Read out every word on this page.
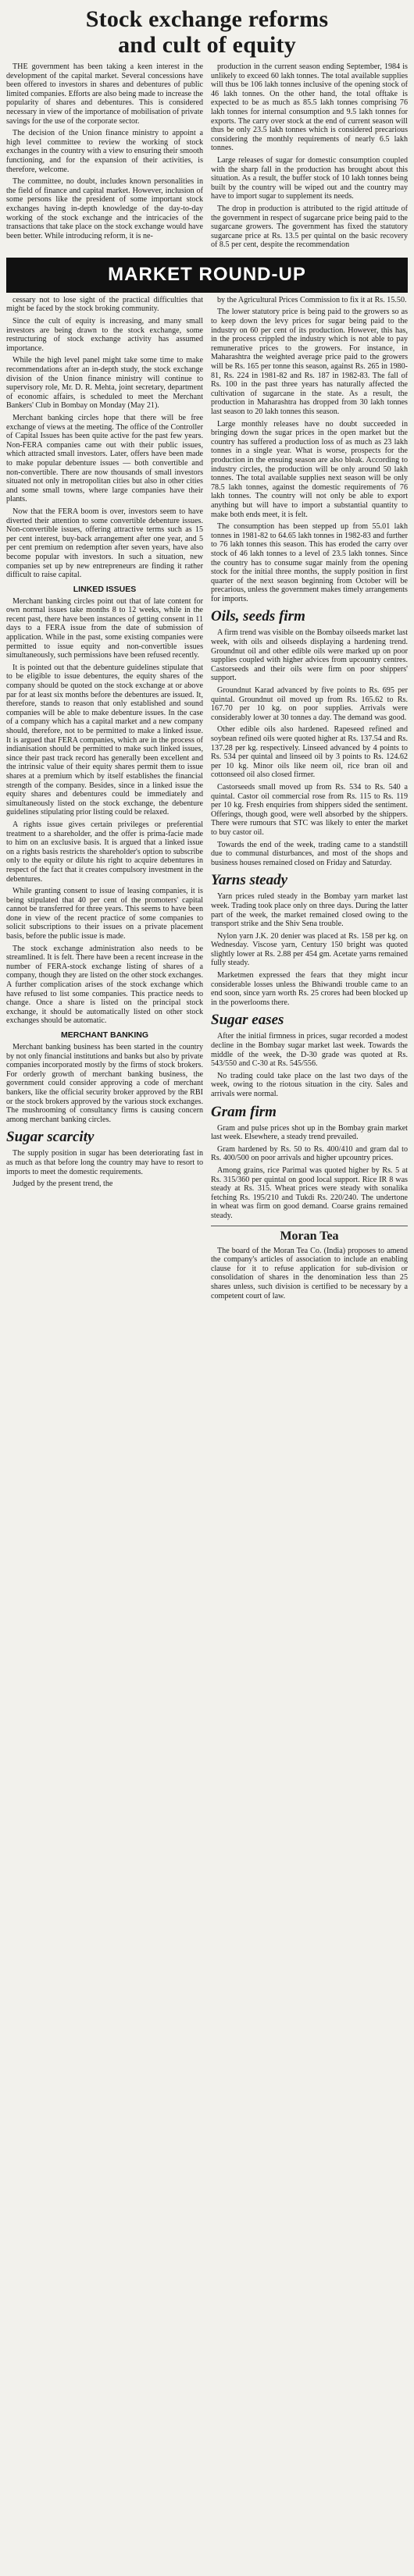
Stock exchange reforms
and cult of equity

THE government has been taking a keen interest in the development of the capital market. Several concessions have been offered to investors in shares and debentures of public limited companies. Efforts are also being made to increase the popularity of shares and debentures. This is considered necessary in view of the importance of mobilisation of private savings for the use of the corporate sector.

The decision of the Union finance ministry to appoint a high level committee to review the working of stock exchanges in the country with a view to ensuring their smooth functioning, and for the expansion of their activities, is therefore, welcome.

The committee, no doubt, includes known personalities in the field of finance and capital market. However, inclusion of some persons like the president of some important stock exchanges having in-depth knowledge of the day-to-day working of the stock exchange and the intricacies of the transactions that take place on the stock exchange would have been better. While introducing reform, it is ne-

production in the current season ending September, 1984 is unlikely to exceed 60 lakh tonnes. The total available supplies will thus be 106 lakh tonnes inclusive of the opening stock of 46 lakh tonnes. On the other hand, the total offtake is expected to be as much as 85.5 lakh tonnes comprising 76 lakh tonnes for internal consumption and 9.5 lakh tonnes for exports. The carry over stock at the end of current season will thus be only 23.5 lakh tonnes which is considered precarious considering the monthly requirements of nearly 6.5 lakh tonnes.

Large releases of sugar for domestic consumption coupled with the sharp fall in the production has brought about this situation. As a result, the buffer stock of 10 lakh tonnes being built by the country will be wiped out and the country may have to import sugar to supplement its needs.

The drop in production is attributed to the rigid attitude of the government in respect of sugarcane price being paid to the sugarcane growers. The government has fixed the statutory sugarcane price at Rs. 13.5 per quintal on the basic recovery of 8.5 per cent, despite the recommendation

MARKET ROUND-UP

cessary not to lose sight of the practical difficulties that might be faced by the stock broking community.

Since the cult of equity is increasing, and many small investors are being drawn to the stock exchange, some restructuring of stock exchange activity has assumed importance.

While the high level panel might take some time to make recommendations after an in-depth study, the stock exchange division of the Union finance ministry will continue to supervisory role, Mr. D. R. Mehta, joint secretary, department of economic affairs, is scheduled to meet the Merchant Bankers' Club in Bombay on Monday (May 21).

Merchant banking circles hope that there will be free exchange of views at the meeting. The office of the Controller of Capital Issues has been quite active for the past few years. Non-FERA companies came out with their public issues, which attracted small investors. Later, offers have been made to make popular debenture issues — both convertible and non-convertible. There are now thousands of small investors situated not only in metropolitan cities but also in other cities and some small towns, where large companies have their plants.

Now that the FERA boom is over, investors seem to have diverted their attention to some convertible debenture issues. Non-convertible issues, offering attractive terms such as 15 per cent interest, buy-back arrangement after one year, and 5 per cent premium on redemption after seven years, have also become popular with investors. In such a situation, new companies set up by new entrepreneurs are finding it rather difficult to raise capital.

LINKED ISSUES

Merchant banking circles point out that of late content for own normal issues take months 8 to 12 weeks, while in the recent past, there have been instances of getting consent in 11 days to a FERA issue from the date of submission of application. While in the past, some existing companies were permitted to issue equity and non-convertible issues simultaneously, such permissions have been refused recently.

It is pointed out that the debenture guidelines stipulate that to be eligible to issue debentures, the equity shares of the company should be quoted on the stock exchange at or above par for at least six months before the debentures are issued. It, therefore, stands to reason that only established and sound companies will be able to make debenture issues. In the case of a company which has a capital market and a new company should, therefore, not to be permitted to make a linked issue. It is argued that FERA companies, which are in the process of indianisation should be permitted to make such linked issues, since their past track record has generally been excellent and the intrinsic value of their equity shares permit them to issue shares at a premium which by itself establishes the financial strength of the company. Besides, since in a linked issue the equity shares and debentures could be immediately and simultaneously listed on the stock exchange, the debenture guidelines stipulating prior listing could be relaxed.

A rights issue gives certain privileges or preferential treatment to a shareholder, and the offer is prima-facie made to him on an exclusive basis. It is argued that a linked issue on a rights basis restricts the shareholder's option to subscribe only to the equity or dilute his right to acquire debentures in respect of the fact that it creates compulsory investment in the debentures.

While granting consent to issue of leasing companies, it is being stipulated that 40 per cent of the promoters' capital cannot be transferred for three years. This seems to have been done in view of the recent practice of some companies to solicit subscriptions to their issues on a private placement basis, before the public issue is made.

The stock exchange administration also needs to be streamlined. It is felt. There have been a recent increase in the number of FERA-stock exchange listing of shares of a company, though they are listed on the other stock exchanges. A further complication arises of the stock exchange which have refused to list some companies. This practice needs to change. Once a share is listed on the principal stock exchange, it should be automatically listed on other stock exchanges should be automatic.

MERCHANT BANKING

Merchant banking business has been started in the country by not only financial institutions and banks but also by private companies incorporated mostly by the firms of stock brokers. For orderly growth of merchant banking business, the government could consider approving a code of merchant bankers, like the official security broker approved by the RBI or the stock brokers approved by the various stock exchanges. The mushrooming of consultancy firms is causing concern among merchant banking circles.

Sugar scarcity

The supply position in sugar has been deteriorating fast in as much as that before long the country may have to resort to imports to meet the domestic requirements.

Judged by the present trend, the

by the Agricultural Prices Commission to fix it at Rs. 15.50.

The lower statutory price is being paid to the growers so as to keep down the levy prices for sugar being paid to the industry on 60 per cent of its production. However, this has, in the process crippled the industry which is not able to pay remunerative prices to the growers. For instance, in Maharashtra the weighted average price paid to the growers will be Rs. 165 per tonne this season, against Rs. 265 in 1980-81, Rs. 224 in 1981-82 and Rs. 187 in 1982-83. The fall of Rs. 100 in the past three years has naturally affected the cultivation of sugarcane in the state. As a result, the production in Maharashtra has dropped from 30 lakh tonnes last season to 20 lakh tonnes this season.

Large monthly releases have no doubt succeeded in bringing down the sugar prices in the open market but the country has suffered a production loss of as much as 23 lakh tonnes in a single year. What is worse, prospects for the production in the ensuing season are also bleak. According to industry circles, the production will be only around 50 lakh tonnes. The total available supplies next season will be only 78.5 lakh tonnes, against the domestic requirements of 76 lakh tonnes. The country will not only be able to export anything but will have to import a substantial quantity to make both ends meet, it is felt.

The consumption has been stepped up from 55.01 lakh tonnes in 1981-82 to 64.65 lakh tonnes in 1982-83 and further to 76 lakh tonnes this season. This has eroded the carry over stock of 46 lakh tonnes to a level of 23.5 lakh tonnes. Since the country has to consume sugar mainly from the opening stock for the initial three months, the supply position in first quarter of the next season beginning from October will be precarious, unless the government makes timely arrangements for imports.

Oils, seeds firm

A firm trend was visible on the Bombay oilseeds market last week, with oils and oilseeds displaying a hardening trend. Groundnut oil and other edible oils were marked up on poor supplies coupled with higher advices from upcountry centres. Castorseeds and their oils were firm on poor shippers' support.

Groundnut Karad advanced by five points to Rs. 695 per quintal. Groundnut oil moved up from Rs. 165.62 to Rs. 167.70 per 10 kg. on poor supplies. Arrivals were considerably lower at 30 tonnes a day. The demand was good.

Other edible oils also hardened. Rapeseed refined and soybean refined oils were quoted higher at Rs. 137.54 and Rs. 137.28 per kg. respectively. Linseed advanced by 4 points to Rs. 534 per quintal and linseed oil by 3 points to Rs. 124.62 per 10 kg. Minor oils like neem oil, rice bran oil and cottonseed oil also closed firmer.

Castorseeds small moved up from Rs. 534 to Rs. 540 a quintal. Castor oil commercial rose from Rs. 115 to Rs. 119 per 10 kg. Fresh enquiries from shippers sided the sentiment. Offerings, though good, were well absorbed by the shippers. There were rumours that STC was likely to enter the market to buy castor oil.

Towards the end of the week, trading came to a standstill due to communal disturbances, and most of the shops and business houses remained closed on Friday and Saturday.

Yarns steady

Yarn prices ruled steady in the Bombay yarn market last week. Trading took place only on three days. During the latter part of the week, the market remained closed owing to the transport strike and the Shiv Sena trouble.

Nylon yarn J.K. 20 denier was placed at Rs. 158 per kg. on Wednesday. Viscose yarn, Century 150 bright was quoted slightly lower at Rs. 2.88 per 454 gm. Acetate yarns remained fully steady.

Marketmen expressed the fears that they might incur considerable losses unless the Bhiwandi trouble came to an end soon, since yarn worth Rs. 25 crores had been blocked up in the powerlooms there.

Sugar eases

After the initial firmness in prices, sugar recorded a modest decline in the Bombay sugar market last week. Towards the middle of the week, the D-30 grade was quoted at Rs. 543/550 and C-30 at Rs. 545/556.

No trading could take place on the last two days of the week, owing to the riotous situation in the city. Sales and arrivals were normal.

Gram firm

Gram and pulse prices shot up in the Bombay grain market last week. Elsewhere, a steady trend prevailed.

Gram hardened by Rs. 50 to Rs. 400/410 and gram dal to Rs. 400/500 on poor arrivals and higher upcountry prices.

Among grains, rice Parimal was quoted higher by Rs. 5 at Rs. 315/360 per quintal on good local support. Rice IR 8 was steady at Rs. 315. Wheat prices were steady with sonalika fetching Rs. 195/210 and Tukdi Rs. 220/240. The undertone in wheat was firm on good demand. Coarse grains remained steady.

Moran Tea

The board of the Moran Tea Co. (India) proposes to amend the company's articles of association to include an enabling clause for it to refuse application for sub-division or consolidation of shares in the denomination less than 25 shares unless, such division is certified to be necessary by a competent court of law.
